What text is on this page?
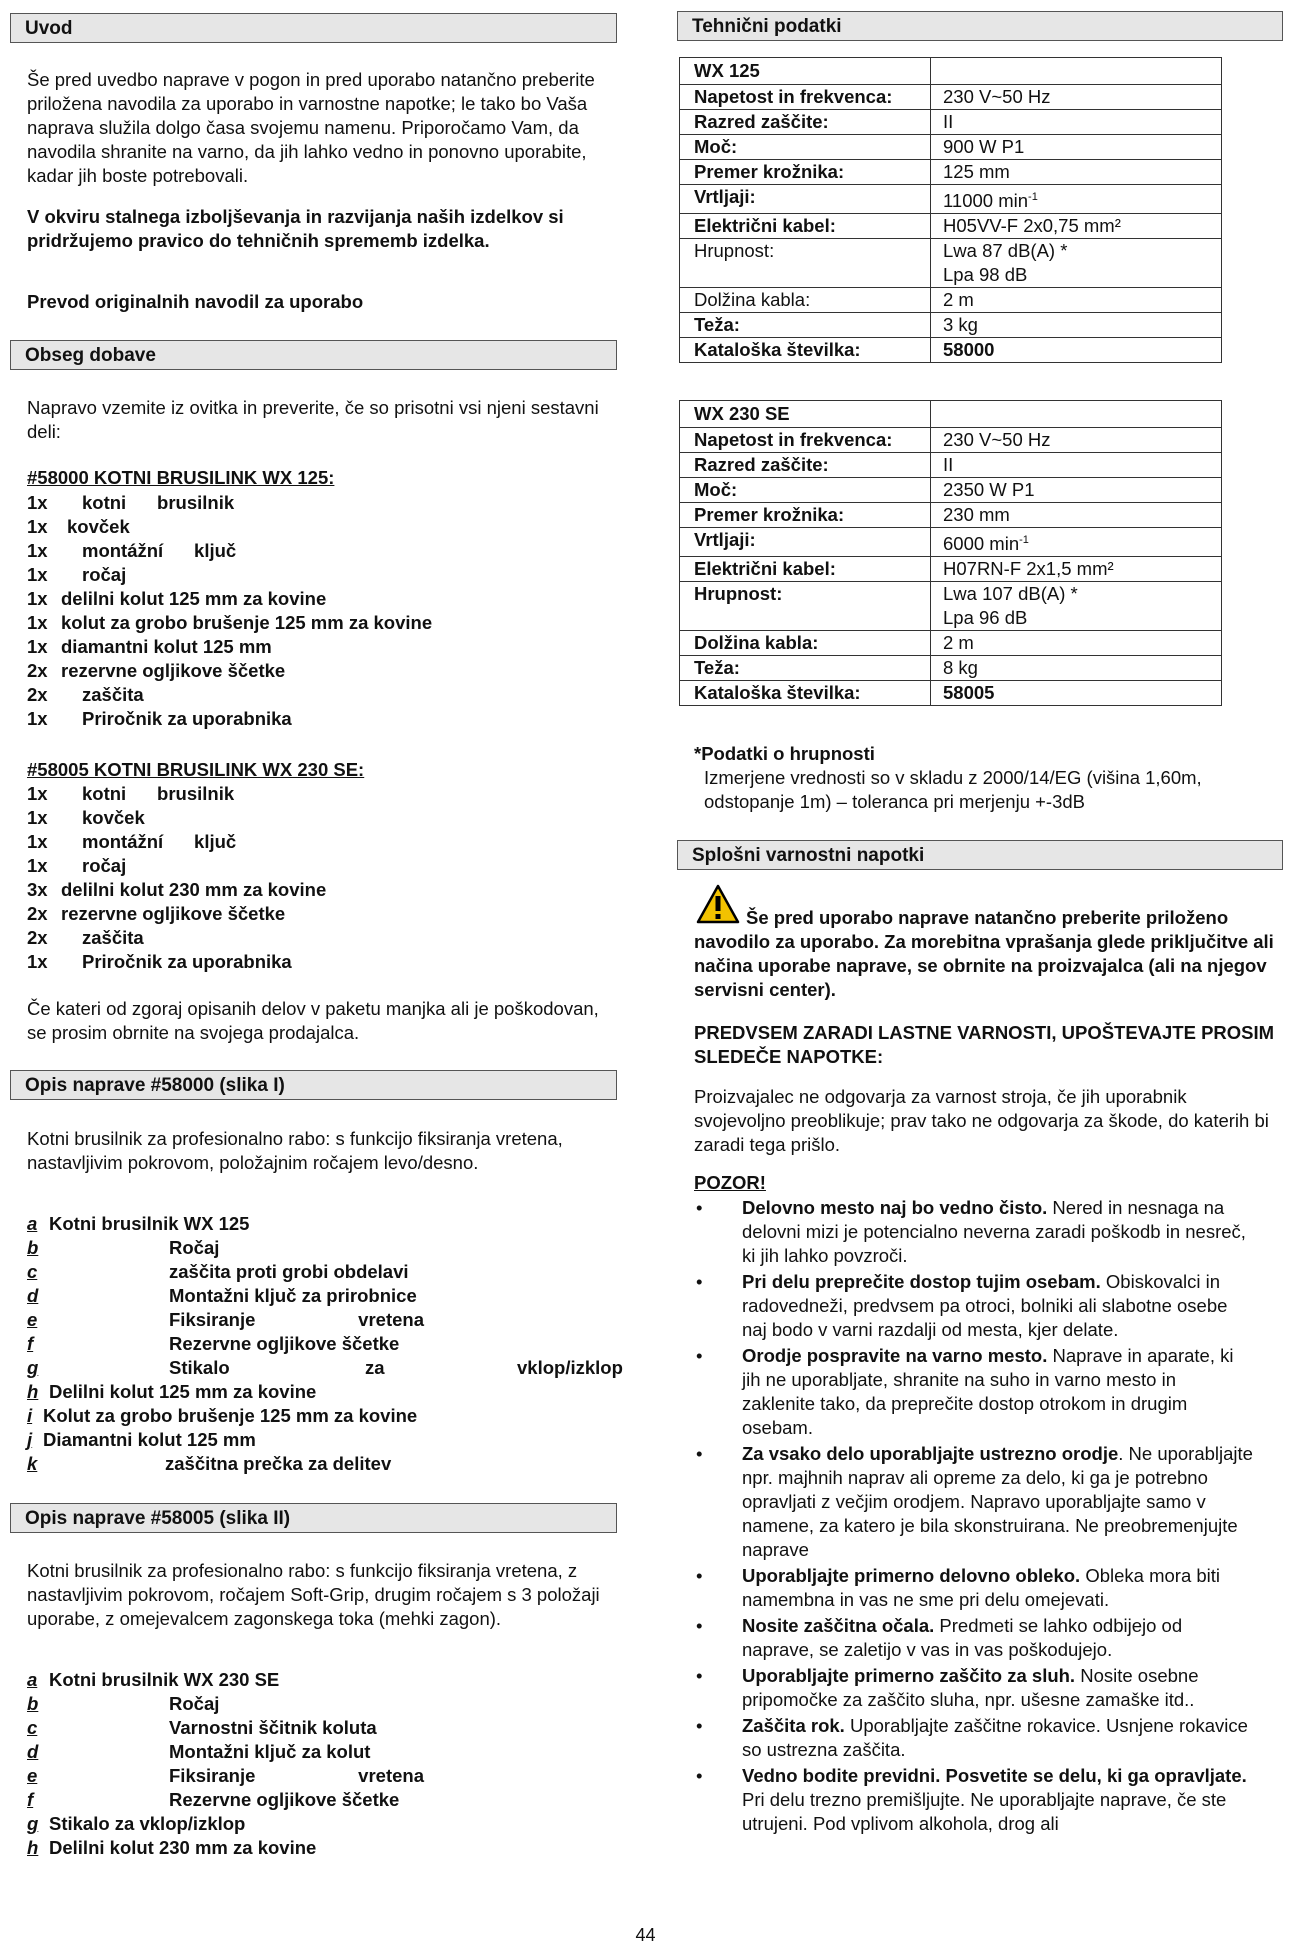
Uvod
Še pred uvedbo naprave v pogon in pred uporabo natančno preberite priložena navodila za uporabo in varnostne napotke; le tako bo Vaša naprava služila dolgo časa svojemu namenu. Priporočamo Vam, da navodila shranite na varno, da jih lahko vedno in ponovno uporabite, kadar jih boste potrebovali.
V okviru stalnega izboljševanja in razvijanja naših izdelkov si pridržujemo pravico do tehničnih sprememb izdelka.
Prevod originalnih navodil za uporabo
Obseg dobave
Napravo vzemite iz ovitka in preverite, če so prisotni vsi njeni sestavni deli:
#58000 KOTNI BRUSILINK WX 125:
1x kotni      brusilnik
1x kovček
1x montážní      ključ
1x ročaj
1x delilni kolut 125 mm za kovine
1x kolut za grobo brušenje 125 mm za kovine
1x diamantni kolut 125 mm
2x rezervne ogljikove ščetke
2x zaščita
1x Priročnik za uporabnika
#58005 KOTNI BRUSILINK WX 230 SE:
1x kotni      brusilnik
1x kovček
1x montážní      ključ
1x ročaj
3x delilni kolut 230 mm za kovine
2x rezervne ogljikove ščetke
2x zaščita
1x Priročnik za uporabnika
Če kateri od zgoraj opisanih delov v paketu manjka ali je poškodovan, se prosim obrnite na svojega prodajalca.
Opis naprave #58000 (slika I)
Kotni brusilnik za profesionalno rabo: s funkcijo fiksiranja vretena, nastavljivim pokrovom, položajnim ročajem levo/desno.
a Kotni brusilnik WX 125
b	Ročaj
c	zaščita proti grobi obdelavi
d	Montažni ključ za prirobnice
e	Fiksiranje                    vretena
f	Rezervne ogljikove ščetke
g	Stikalo	za	vklop/izklop
h Delilni kolut 125 mm za kovine
i Kolut za grobo brušenje 125 mm za kovine
j Diamantni kolut 125 mm
k	zaščitna prečka za delitev
Opis naprave #58005 (slika II)
Kotni brusilnik za profesionalno rabo: s funkcijo fiksiranja vretena, z nastavljivim pokrovom, ročajem Soft-Grip, drugim ročajem s 3 položaji uporabe, z omejevalcem zagonskega toka (mehki zagon).
a Kotni brusilnik WX 230 SE
b	Ročaj
c	Varnostni ščitnik koluta
d	Montažni ključ za kolut
e	Fiksiranje                    vretena
f	Rezervne ogljikove ščetke
g Stikalo za vklop/izklop
h Delilni kolut 230 mm za kovine
Tehnični podatki
WX 125	
Napetost in frekvenca:	230 V~50 Hz
Razred zaščite:	II
Moč:	900 W P1
Premer krožnika:	125 mm
Vrtljaji:	11000 $\min^{-1}$
Električni kabel:	H05VV-F 2x0,75 mm²
Hrupnost:	Lwa 87 dB(A) *
Lpa 98 dB

Dolžina kabla:	2 m
Teža:	3 kg
Kataloška številka:	58000
WX 230 SE	
Napetost in frekvenca:	230 V~50 Hz
Razred zaščite:	II
Moč:	2350 W P1
Premer krožnika:	230 mm
Vrtljaji:	6000 $\min^{-1}$
Električni kabel:	H07RN-F 2x1,5 mm²
Hrupnost:	Lwa 107 dB(A) *
Lpa 96 dB

Dolžina kabla:	2 m
Teža:	8 kg
Kataloška številka:	58005
*Podatki o hrupnosti
Izmerjene vrednosti so v skladu z 2000/14/EG (višina 1,60m, odstopanje 1m) – toleranca pri merjenju +-3dB
Splošni varnostni napotki
Še pred uporabo naprave natančno preberite priloženo navodilo za uporabo. Za morebitna vprašanja glede priključitve ali načina uporabe naprave, se obrnite na proizvajalca (ali na njegov servisni center).
PREDVSEM ZARADI LASTNE VARNOSTI, UPOŠTEVAJTE PROSIM SLEDEČE NAPOTKE:
Proizvajalec ne odgovarja za varnost stroja, če jih uporabnik svojevoljno preoblikuje; prav tako ne odgovarja za škode, do katerih bi zaradi tega prišlo.
POZOR!
• Delovno mesto naj bo vedno čisto. Nered in nesnaga na delovni mizi je potencialno neverna zaradi poškodb in nesreč, ki jih lahko povzroči.
• Pri delu preprečite dostop tujim osebam. Obiskovalci in radovedneži, predvsem pa otroci, bolniki ali slabotne osebe naj bodo v varni razdalji od mesta, kjer delate.
• Orodje pospravite na varno mesto. Naprave in aparate, ki jih ne uporabljate, shranite na suho in varno mesto in zaklenite tako, da preprečite dostop otrokom in drugim osebam.
• Za vsako delo uporabljajte ustrezno orodje. Ne uporabljajte npr. majhnih naprav ali opreme za delo, ki ga je potrebno opravljati z večjim orodjem. Napravo uporabljajte samo v namene, za katero je bila skonstruirana. Ne preobremenjujte naprave
• Uporabljajte primerno delovno obleko. Obleka mora biti namembna in vas ne sme pri delu omejevati.
• Nosite zaščitna očala. Predmeti se lahko odbijejo od naprave, se zaletijo v vas in vas poškodujejo.
• Uporabljajte primerno zaščito za sluh. Nosite osebne pripomočke za zaščito sluha, npr. ušesne zamaške itd..
• Zaščita rok. Uporabljajte zaščitne rokavice. Usnjene rokavice so ustrezna zaščita.
• Vedno bodite previdni. Posvetite se delu, ki ga opravljate. Pri delu trezno premišljujte. Ne uporabljajte naprave, če ste utrujeni. Pod vplivom alkohola, drog ali
44
